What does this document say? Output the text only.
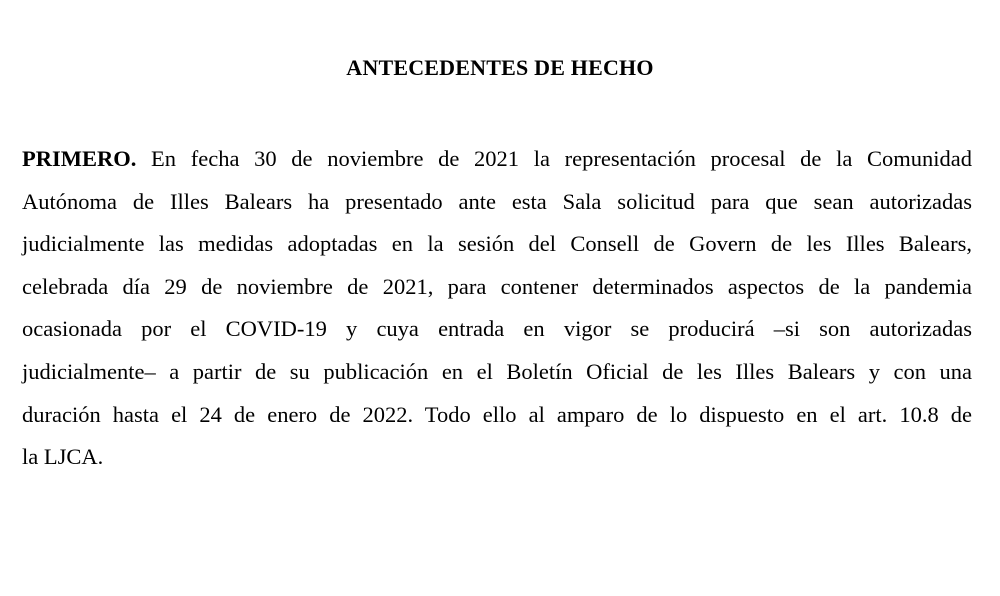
ANTECEDENTES DE HECHO
PRIMERO. En fecha 30 de noviembre de 2021 la representación procesal de la Comunidad
Autónoma de Illes Balears ha presentado ante esta Sala solicitud para que sean autorizadas
judicialmente las medidas adoptadas en la sesión del Consell de Govern de les Illes Balears,
celebrada día 29 de noviembre de 2021, para contener determinados aspectos de la pandemia
ocasionada por el COVID-19 y cuya entrada en vigor se producirá –si son autorizadas
judicialmente– a partir de su publicación en el Boletín Oficial de les Illes Balears y con una
duración hasta el 24 de enero de 2022. Todo ello al amparo de lo dispuesto en el art. 10.8 de
la LJCA.
